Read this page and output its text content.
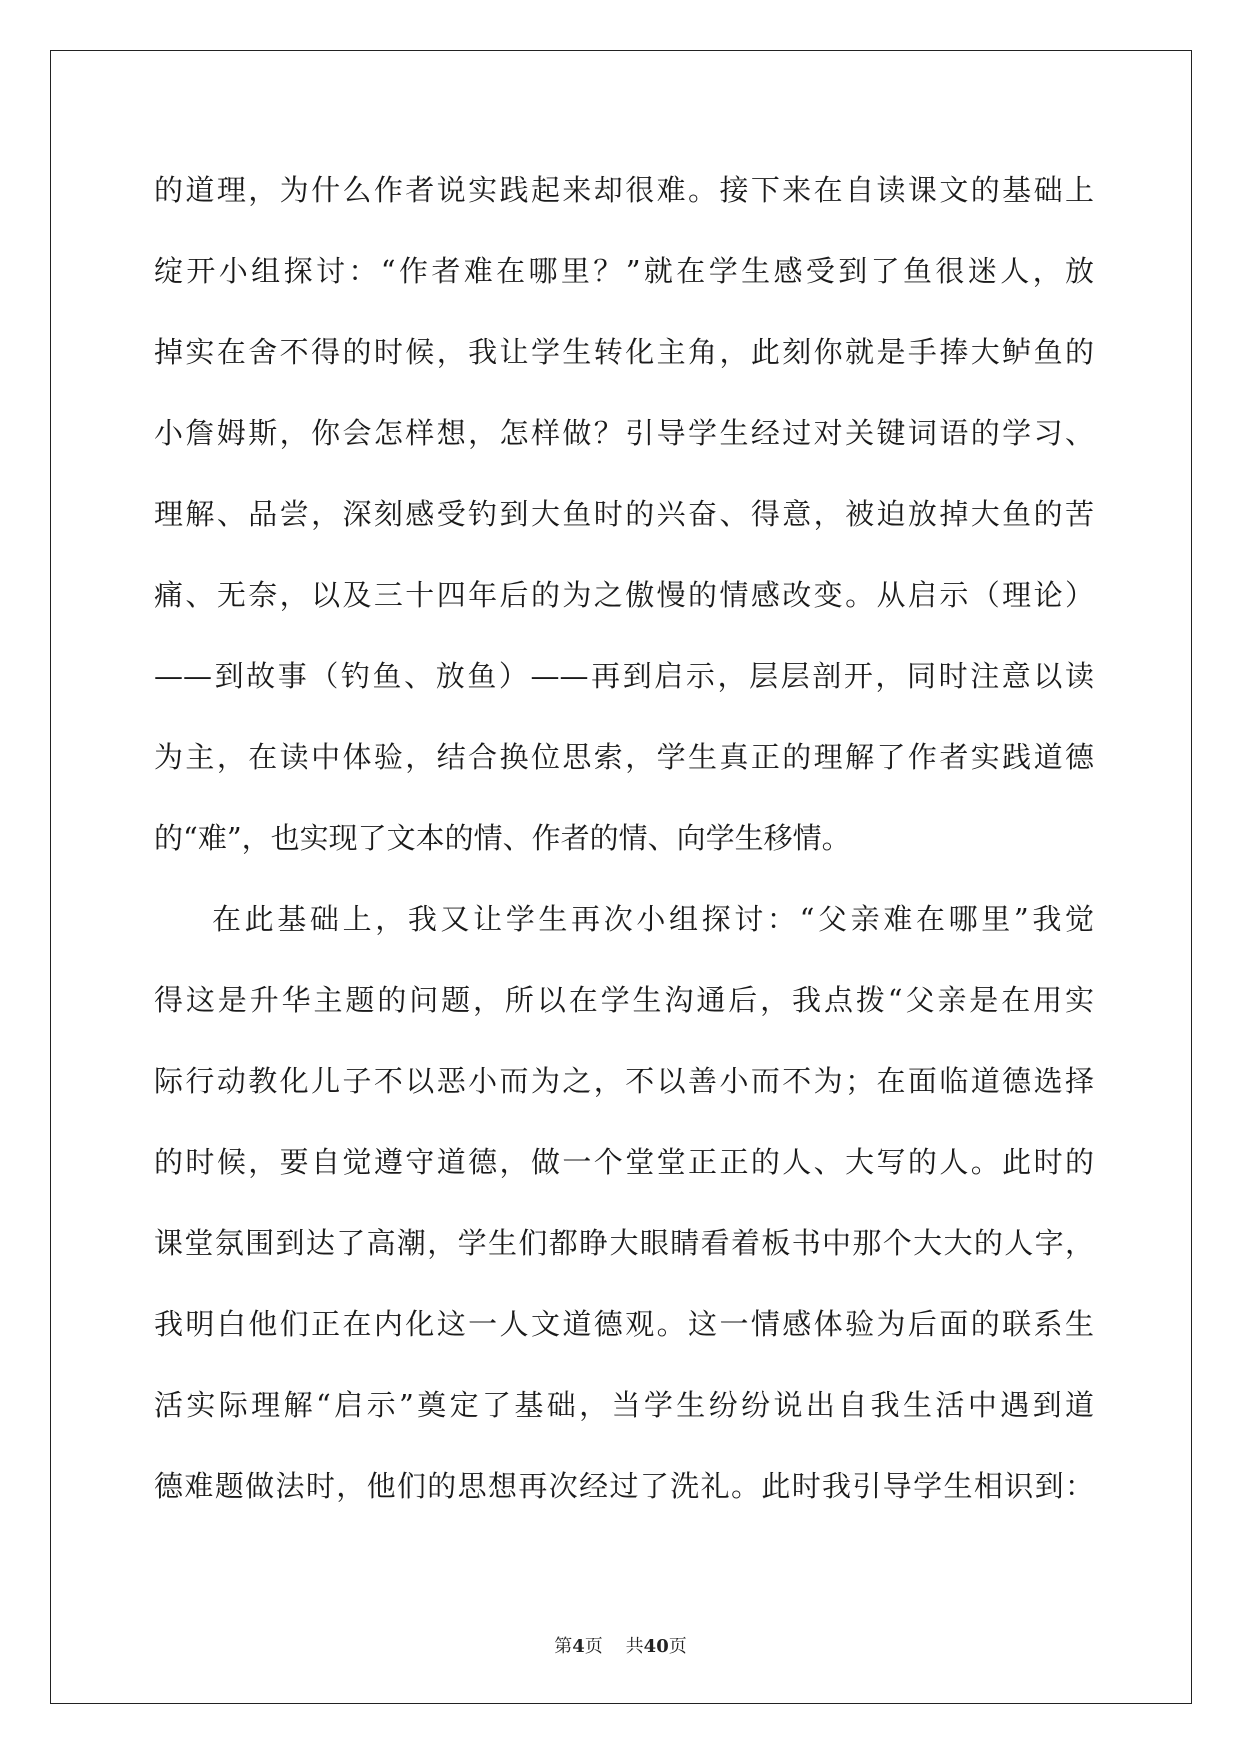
的道理，为什么作者说实践起来却很难。接下来在自读课文的基础上
绽开小组探讨：“作者难在哪里？”就在学生感受到了鱼很迷人，放
掉实在舍不得的时候，我让学生转化主角，此刻你就是手捧大鲈鱼的
小詹姆斯，你会怎样想，怎样做？引导学生经过对关键词语的学习、
理解、品尝，深刻感受钓到大鱼时的兴奋、得意，被迫放掉大鱼的苦
痛、无奈，以及三十四年后的为之傲慢的情感改变。从启示（理论）
——到故事（钓鱼、放鱼）——再到启示，层层剖开，同时注意以读
为主，在读中体验，结合换位思索，学生真正的理解了作者实践道德
的“难”，也实现了文本的情、作者的情、向学生移情。
在此基础上，我又让学生再次小组探讨：“父亲难在哪里”我觉
得这是升华主题的问题，所以在学生沟通后，我点拨“父亲是在用实
际行动教化儿子不以恶小而为之，不以善小而不为；在面临道德选择
的时候，要自觉遵守道德，做一个堂堂正正的人、大写的人。此时的
课堂氛围到达了高潮，学生们都睁大眼睛看着板书中那个大大的人字，
我明白他们正在内化这一人文道德观。这一情感体验为后面的联系生
活实际理解“启示”奠定了基础，当学生纷纷说出自我生活中遇到道
德难题做法时，他们的思想再次经过了洗礼。此时我引导学生相识到：
第4页    共40页
